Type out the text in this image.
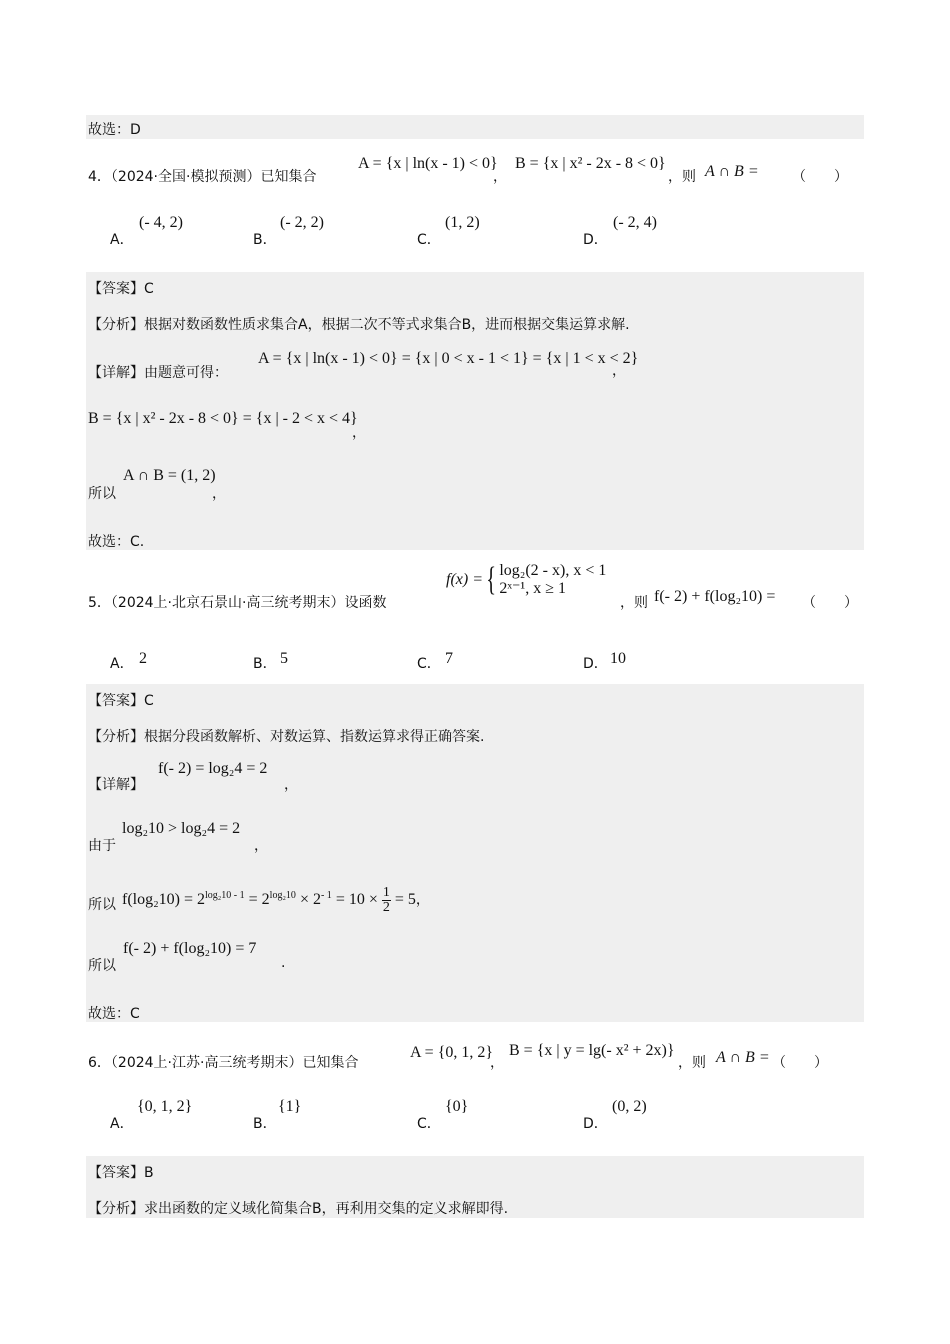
故选：D
4．（2024·全国·模拟预测）已知集合
A = {x | ln(x - 1) < 0}
，
B = {x | x² - 2x - 8 < 0}
，则 A ∩ B = （　　）
A．
(- 4, 2)
B．
(- 2, 2)
C．
(1, 2)
D．
(- 2, 4)
【答案】C
【分析】根据对数函数性质求集合A，根据二次不等式求集合B，进而根据交集运算求解.
【详解】由题意可得：
A = {x | ln(x - 1) < 0} = {x | 0 < x - 1 < 1} = {x | 1 < x < 2}
，
B = {x | x² - 2x - 8 < 0} = {x | - 2 < x < 4}
，
所以
A ∩ B = (1, 2)
，
故选：C.
5．（2024上·北京石景山·高三统考期末）设函数
f(x) ={ log₂(2 - x), x < 1
2ˣ⁻¹, x ≥ 1
，则 f(- 2) + f(log₂10) = （　　）
A． 2	B． 5	C． 7	D． 10
【答案】C
【分析】根据分段函数解析、对数运算、指数运算求得正确答案.
【详解】
f(- 2) = log₂4 = 2
，
由于
log₂10 > log₂4 = 2
，
所以 $f(\log_210) = 2^{log_210 - 1} = 2^{log_210} \times 2^{- 1} = 10 \times \frac{1}{2} = 5$，
所以
f(- 2) + f(log₂10) = 7
.
故选：C
6．（2024上·江苏·高三统考期末）已知集合
A = {0, 1, 2}
，
B = {x | y = lg(- x² + 2x)}
，则 A ∩ B = （　　）
A．
{0, 1, 2}
B．
{1}
C．
{0}
D．
(0, 2)
【答案】B
【分析】求出函数的定义域化简集合B，再利用交集的定义求解即得.
